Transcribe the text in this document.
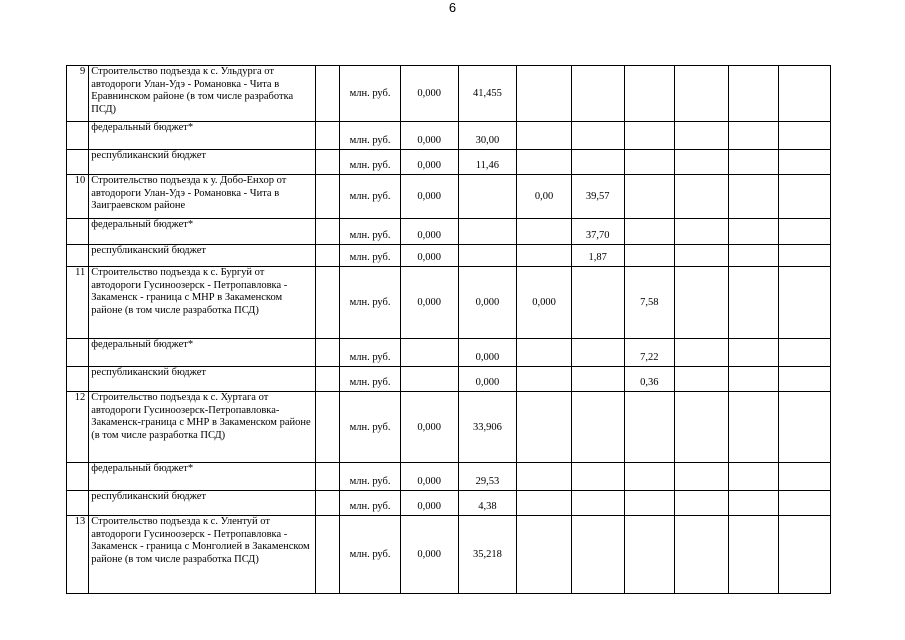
6
9	Строительство подъезда к с. Ульдурга от автодороги Улан-Удэ - Романовка - Чита в Еравнинском районе (в том числе разработка ПСД)		млн. руб.	0,000	41,455						
	федеральный бюджет*		млн. руб.	0,000	30,00						
	республиканский бюджет		млн. руб.	0,000	11,46						
10	Строительство подъезда к у. Добо-Енхор от автодороги Улан-Удэ - Романовка - Чита в Заиграевском районе		млн. руб.	0,000		0,00	39,57				
	федеральный бюджет*		млн. руб.	0,000			37,70				
	республиканский бюджет		млн. руб.	0,000			1,87				
11	Строительство подъезда к с. Бургуй от автодороги Гусиноозерск - Петропавловка - Закаменск - граница с МНР в Закаменском районе (в том числе разработка ПСД)		млн. руб.	0,000	0,000	0,000		7,58			
	федеральный бюджет*		млн. руб.		0,000			7,22			
	республиканский бюджет		млн. руб.		0,000			0,36			
12	Строительство подъезда к с. Хуртага от автодороги Гусиноозерск-Петропавловка-Закаменск-граница с МНР в Закаменском районе (в том числе разработка ПСД)		млн. руб.	0,000	33,906						
	федеральный бюджет*		млн. руб.	0,000	29,53						
	республиканский бюджет		млн. руб.	0,000	4,38						
13	Строительство подъезда к с. Улентуй от автодороги Гусиноозерск - Петропавловка - Закаменск - граница с Монголией в Закаменском районе (в том числе разработка ПСД)		млн. руб.	0,000	35,218						
